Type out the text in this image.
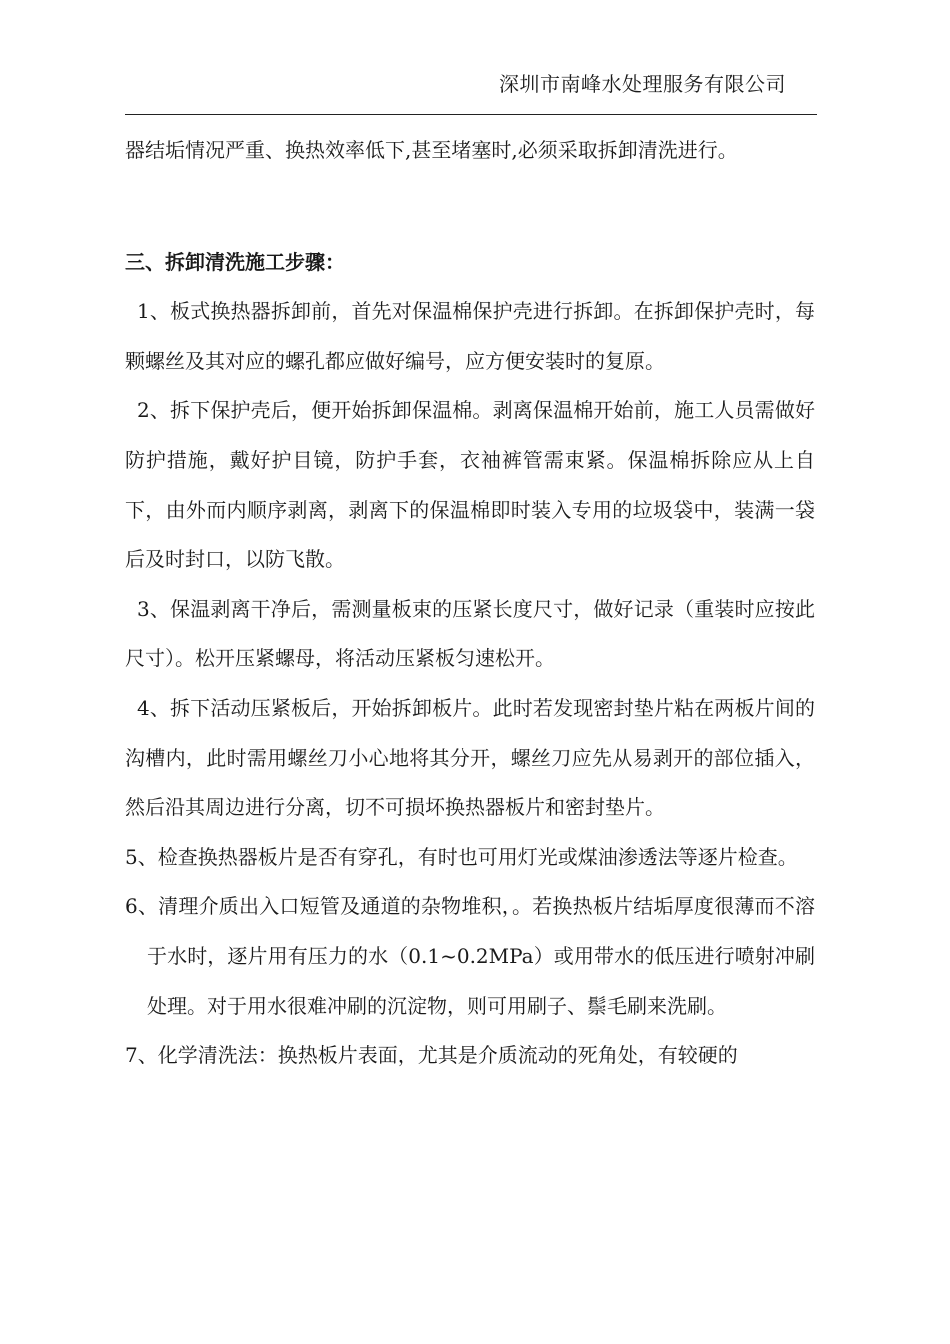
深圳市南峰水处理服务有限公司

器结垢情况严重、换热效率低下,甚至堵塞时,必须采取拆卸清洗进行。

三、拆卸清洗施工步骤：

1、板式换热器拆卸前，首先对保温棉保护壳进行拆卸。在拆卸保护壳时，每颗螺丝及其对应的螺孔都应做好编号，应方便安装时的复原。

2、拆下保护壳后，便开始拆卸保温棉。剥离保温棉开始前，施工人员需做好防护措施，戴好护目镜，防护手套，衣袖裤管需束紧。保温棉拆除应从上自下，由外而内顺序剥离，剥离下的保温棉即时装入专用的垃圾袋中，装满一袋后及时封口，以防飞散。

3、保温剥离干净后，需测量板束的压紧长度尺寸，做好记录（重装时应按此尺寸）。松开压紧螺母，将活动压紧板匀速松开。

4、拆下活动压紧板后，开始拆卸板片。此时若发现密封垫片粘在两板片间的沟槽内，此时需用螺丝刀小心地将其分开，螺丝刀应先从易剥开的部位插入，然后沿其周边进行分离，切不可损坏换热器板片和密封垫片。

5、检查换热器板片是否有穿孔，有时也可用灯光或煤油渗透法等逐片检查。

6、清理介质出入口短管及通道的杂物堆积，。若换热板片结垢厚度很薄而不溶于水时，逐片用有压力的水（0.1~0.2MPa）或用带水的低压进行喷射冲刷处理。对于用水很难冲刷的沉淀物，则可用刷子、鬃毛刷来洗刷。

7、化学清洗法：换热板片表面，尤其是介质流动的死角处，有较硬的
